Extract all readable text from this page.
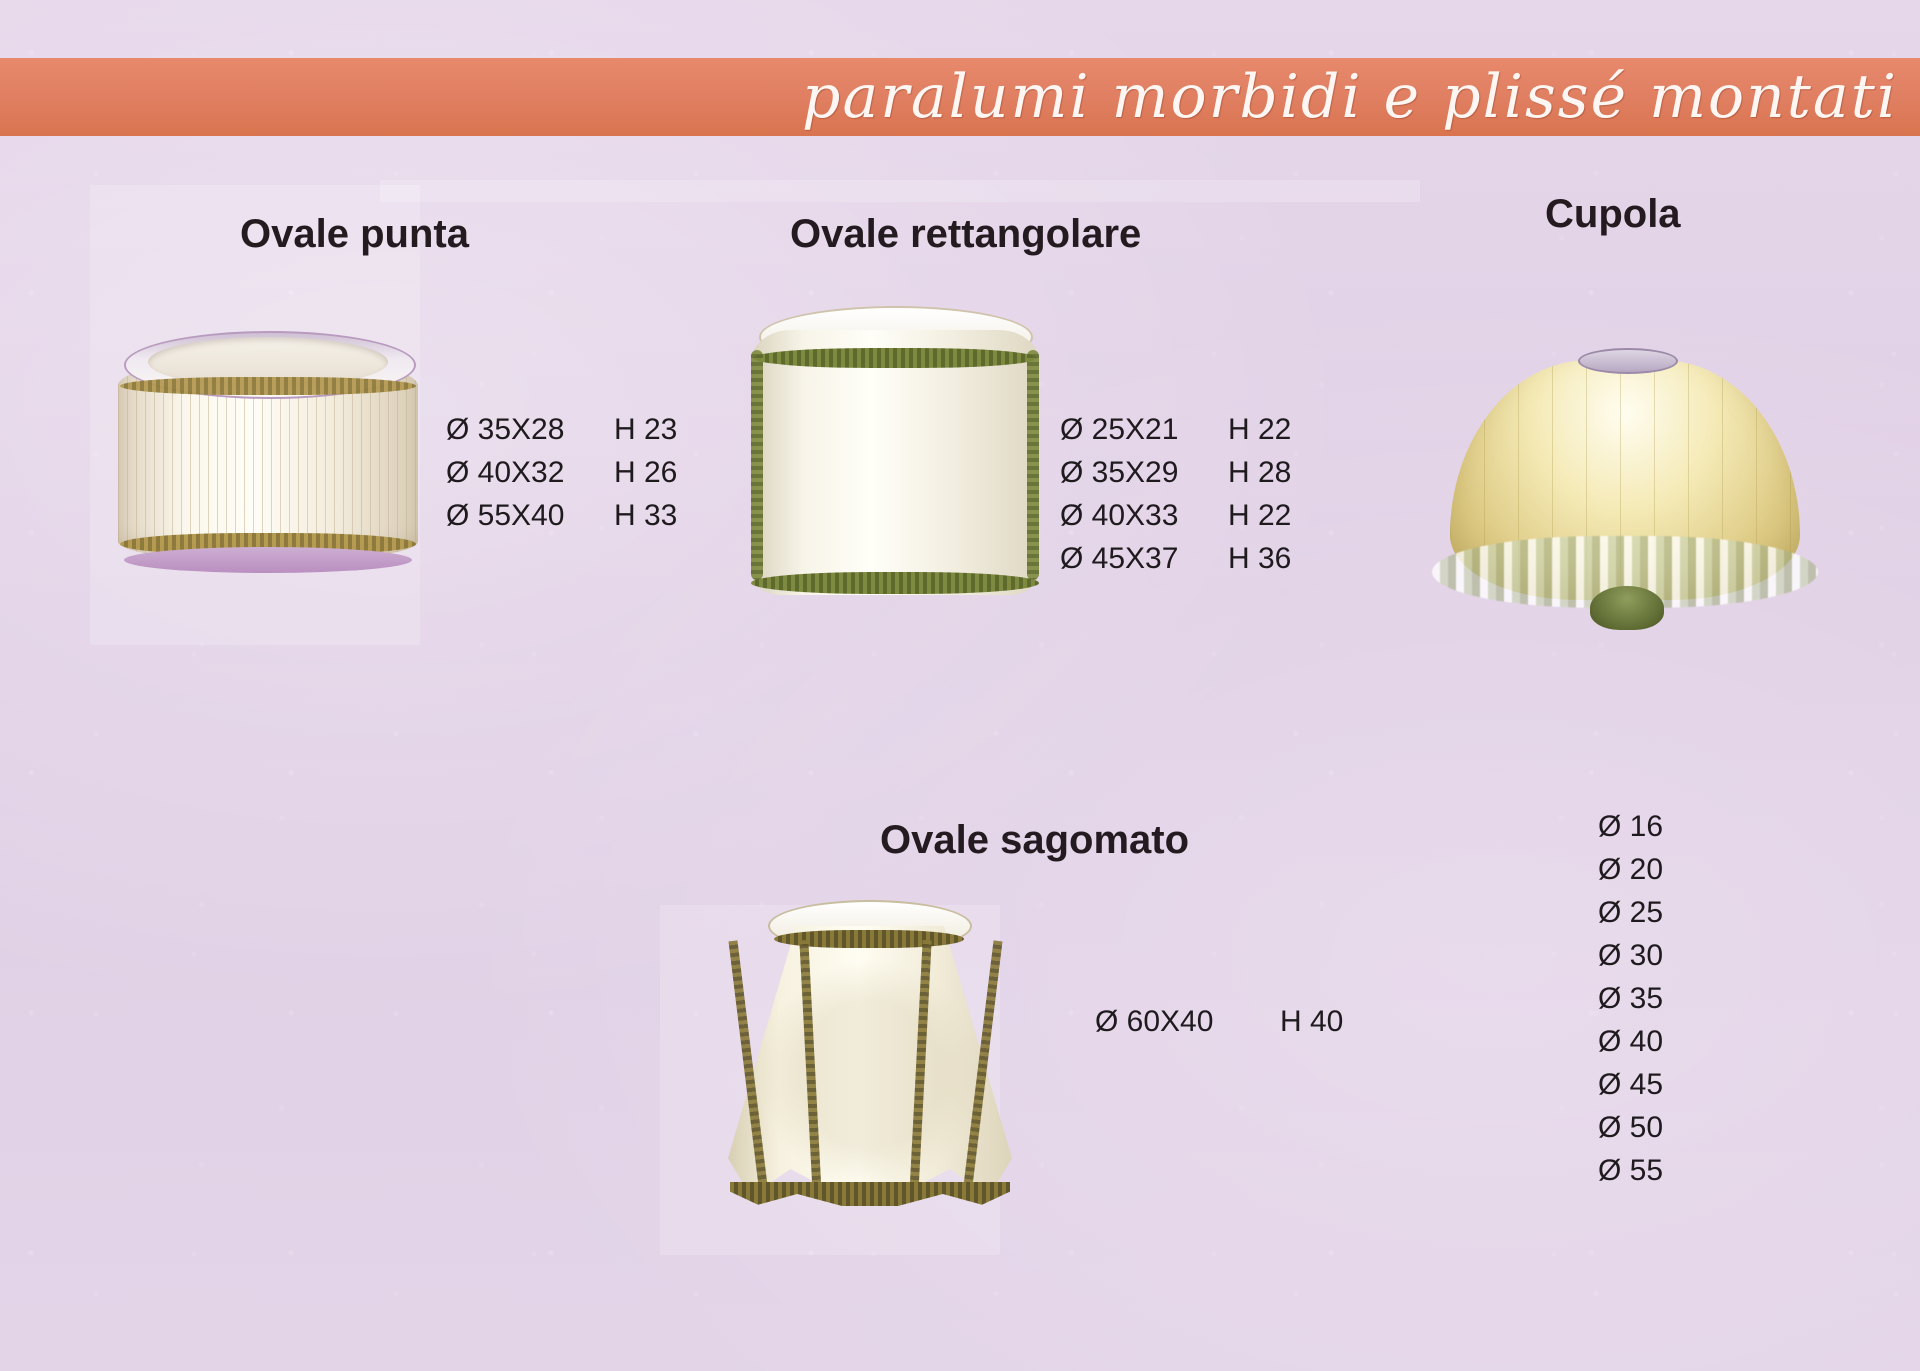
paralumi morbidi e plissé montati
Ovale punta
Ø 35X28 H 23
Ø 40X32 H 26
Ø 55X40 H 33
Ovale rettangolare
Ø 25X21 H 22
Ø 35X29 H 28
Ø 40X33 H 22
Ø 45X37 H 36
Cupola
Ø 16
Ø 20
Ø 25
Ø 30
Ø 35
Ø 40
Ø 45
Ø 50
Ø 55
Ovale sagomato
Ø 60X40 H 40
